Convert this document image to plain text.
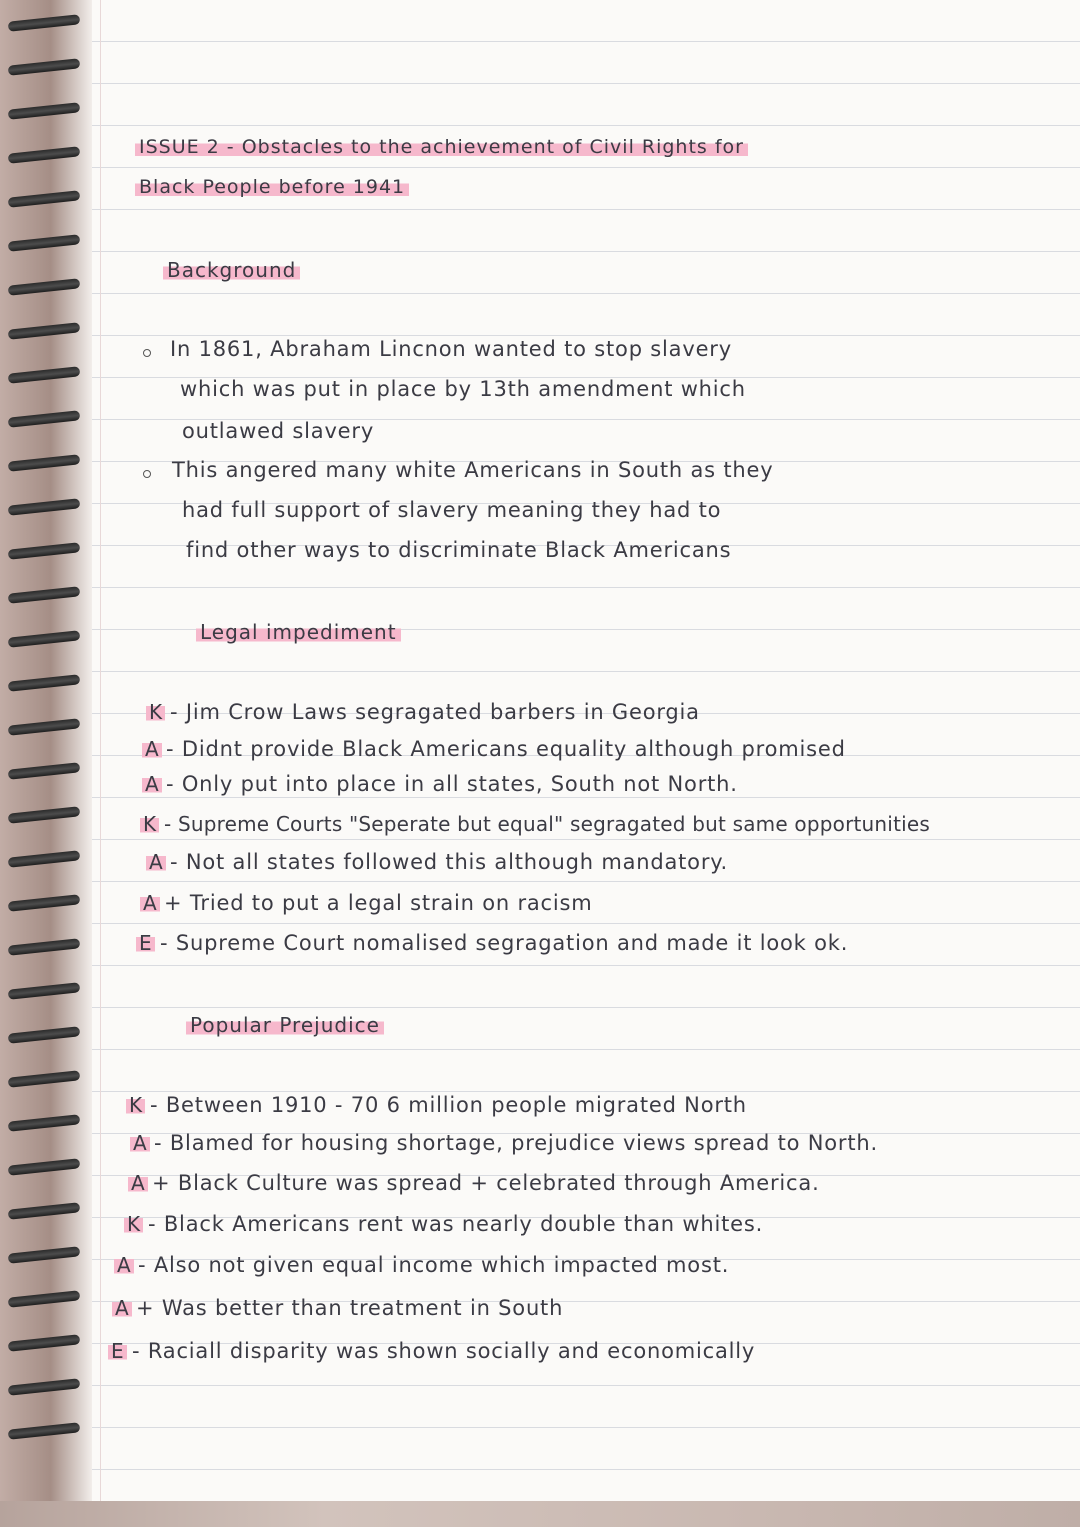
ISSUE 2 - Obstacles to the achievement of Civil Rights for
Black People before 1941
Background
In 1861, Abraham Lincnon wanted to stop slavery
which was put in place by 13th amendment which
outlawed slavery
This angered many white Americans in South as they
had full support of slavery meaning they had to
find other ways to discriminate Black Americans
Legal impediment
K - Jim Crow Laws segragated barbers in Georgia
A - Didnt provide Black Americans equality although promised
A - Only put into place in all states, South not North.
K - Supreme Courts "Seperate but equal" segragated but same opportunities
A - Not all states followed this although mandatory.
A + Tried to put a legal strain on racism
E - Supreme Court nomalised segragation and made it look ok.
Popular Prejudice
K - Between 1910 - 70 6 million people migrated North
A - Blamed for housing shortage, prejudice views spread to North.
A + Black Culture was spread + celebrated through America.
K - Black Americans rent was nearly double than whites.
A - Also not given equal income which impacted most.
A + Was better than treatment in South
E - Raciall disparity was shown socially and economically
